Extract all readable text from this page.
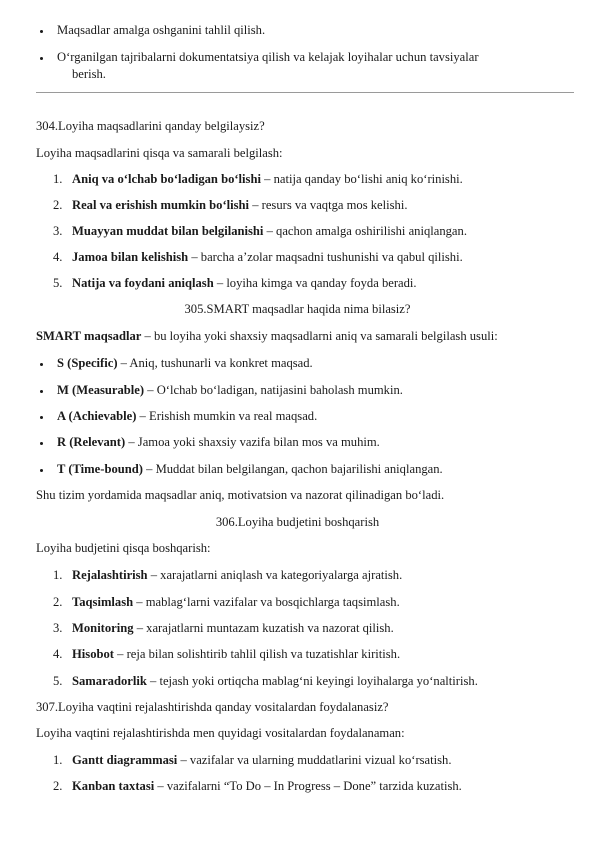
Maqsadlar amalga oshganini tahlil qilish.
O‘rganilgan tajribalarni dokumentatsiya qilish va kelajak loyihalar uchun tavsiyalar
berish.
304.Loyiha maqsadlarini qanday belgilaysiz?
Loyiha maqsadlarini qisqa va samarali belgilash:
1. Aniq va o‘lchab bo‘ladigan bo‘lishi – natija qanday bo‘lishi aniq ko‘rinishi.
2. Real va erishish mumkin bo‘lishi – resurs va vaqtga mos kelishi.
3. Muayyan muddat bilan belgilanishi – qachon amalga oshirilishi aniqlangan.
4. Jamoa bilan kelishish – barcha a’zolar maqsadni tushunishi va qabul qilishi.
5. Natija va foydani aniqlash – loyiha kimga va qanday foyda beradi.
305.SMART maqsadlar haqida nima bilasiz?
SMART maqsadlar – bu loyiha yoki shaxsiy maqsadlarni aniq va samarali belgilash usuli:
S (Specific) – Aniq, tushunarli va konkret maqsad.
M (Measurable) – O‘lchab bo‘ladigan, natijasini baholash mumkin.
A (Achievable) – Erishish mumkin va real maqsad.
R (Relevant) – Jamoa yoki shaxsiy vazifa bilan mos va muhim.
T (Time-bound) – Muddat bilan belgilangan, qachon bajarilishi aniqlangan.
Shu tizim yordamida maqsadlar aniq, motivatsion va nazorat qilinadigan bo‘ladi.
306.Loyiha budjetini boshqarish
Loyiha budjetini qisqa boshqarish:
1. Rejalashtirish – xarajatlarni aniqlash va kategoriyalarga ajratish.
2. Taqsimlash – mablag‘larni vazifalar va bosqichlarga taqsimlash.
3. Monitoring – xarajatlarni muntazam kuzatish va nazorat qilish.
4. Hisobot – reja bilan solishtirib tahlil qilish va tuzatishlar kiritish.
5. Samaradorlik – tejash yoki ortiqcha mablag‘ni keyingi loyihalarga yo‘naltirish.
307.Loyiha vaqtini rejalashtirishda qanday vositalardan foydalanasiz?
Loyiha vaqtini rejalashtirishda men quyidagi vositalardan foydalanaman:
1. Gantt diagrammasi – vazifalar va ularning muddatlarini vizual ko‘rsatish.
2. Kanban taxtasi – vazifalarni “To Do – In Progress – Done” tarzida kuzatish.
